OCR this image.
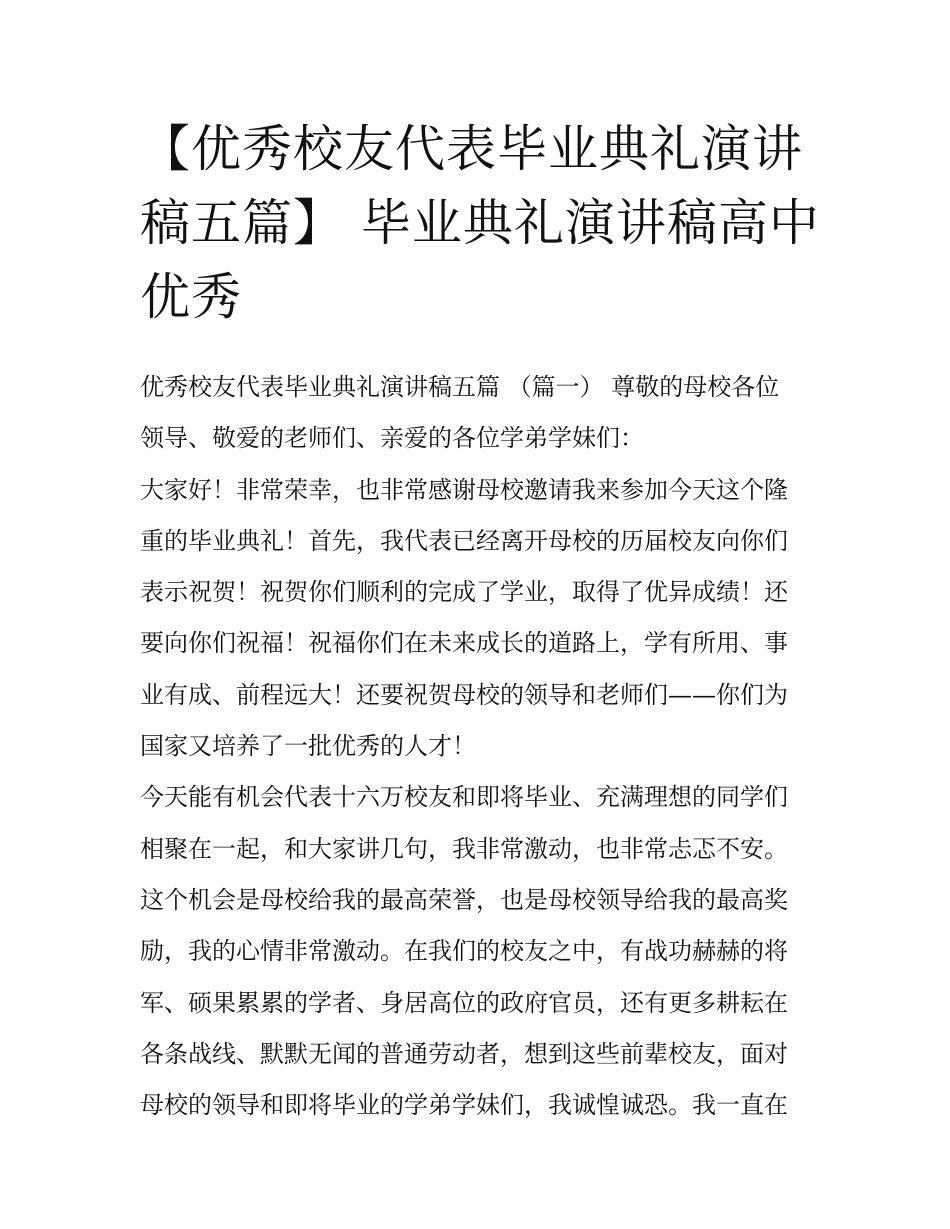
【优秀校友代表毕业典礼演讲
稿五篇】 毕业典礼演讲稿高中
优秀

优秀校友代表毕业典礼演讲稿五篇 （篇一） 尊敬的母校各位
领导、敬爱的老师们、亲爱的各位学弟学妹们：

大家好！非常荣幸，也非常感谢母校邀请我来参加今天这个隆
重的毕业典礼！首先，我代表已经离开母校的历届校友向你们
表示祝贺！祝贺你们顺利的完成了学业，取得了优异成绩！还
要向你们祝福！祝福你们在未来成长的道路上，学有所用、事
业有成、前程远大！还要祝贺母校的领导和老师们——你们为
国家又培养了一批优秀的人才！

今天能有机会代表十六万校友和即将毕业、充满理想的同学们
相聚在一起，和大家讲几句，我非常激动，也非常忐忑不安。
这个机会是母校给我的最高荣誉，也是母校领导给我的最高奖
励，我的心情非常激动。在我们的校友之中，有战功赫赫的将
军、硕果累累的学者、身居高位的政府官员，还有更多耕耘在
各条战线、默默无闻的普通劳动者，想到这些前辈校友，面对
母校的领导和即将毕业的学弟学妹们，我诚惶诚恐。我一直在
